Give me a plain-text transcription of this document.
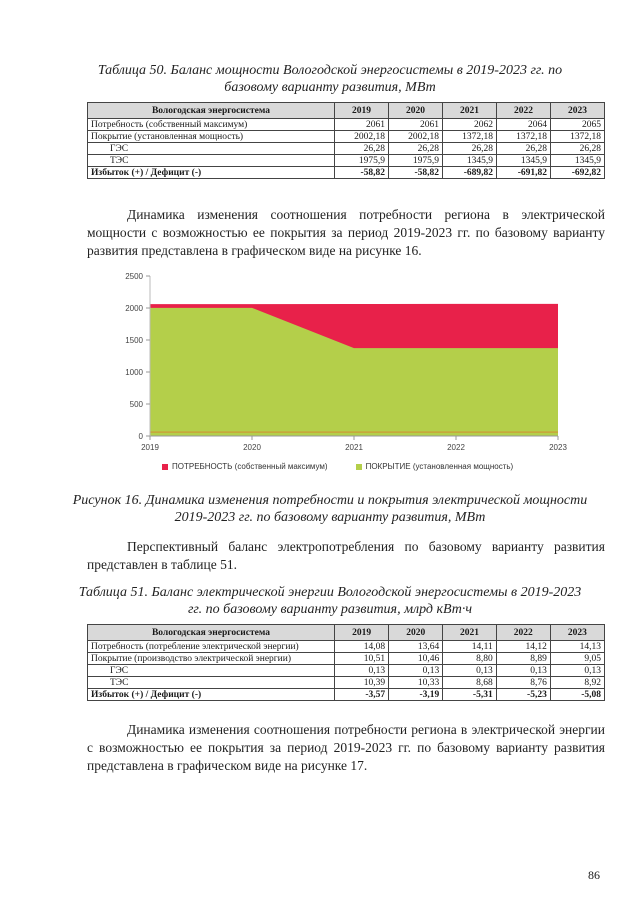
Таблица 50. Баланс мощности Вологодской энергосистемы в 2019-2023 гг. по базовому варианту развития, МВт
Вологодская энергосистема	2019	2020	2021	2022	2023
Потребность (собственный максимум)	2061	2061	2062	2064	2065
Покрытие (установленная мощность)	2002,18	2002,18	1372,18	1372,18	1372,18
ГЭС	26,28	26,28	26,28	26,28	26,28
ТЭС	1975,9	1975,9	1345,9	1345,9	1345,9
Избыток (+) / Дефицит (-)	-58,82	-58,82	-689,82	-691,82	-692,82
Динамика изменения соотношения потребности региона в электрической мощности с возможностью ее покрытия за период 2019-2023 гг. по базовому варианту развития представлена в графическом виде на рисунке 16.
0
500
1000
1500
2000
2500
2019	2020	2021	2022	2023
ПОТРЕБНОСТЬ (собственный максимум)	ПОКРЫТИЕ (установленная мощность)
Рисунок 16. Динамика изменения потребности и покрытия электрической мощности 2019-2023 гг. по базовому варианту развития, МВт
Перспективный баланс электропотребления по базовому варианту развития представлен в таблице 51.
Таблица 51. Баланс электрической энергии Вологодской энергосистемы в 2019-2023 гг. по базовому варианту развития, млрд кВт·ч
Вологодская энергосистема	2019	2020	2021	2022	2023
Потребность (потребление электрической энергии)	14,08	13,64	14,11	14,12	14,13
Покрытие (производство электрической энергии)	10,51	10,46	8,80	8,89	9,05
ГЭС	0,13	0,13	0,13	0,13	0,13
ТЭС	10,39	10,33	8,68	8,76	8,92
Избыток (+) / Дефицит (-)	-3,57	-3,19	-5,31	-5,23	-5,08
Динамика изменения соотношения потребности региона в электрической энергии с возможностью ее покрытия за период 2019-2023 гг. по базовому варианту развития представлена в графическом виде на рисунке 17.
86
